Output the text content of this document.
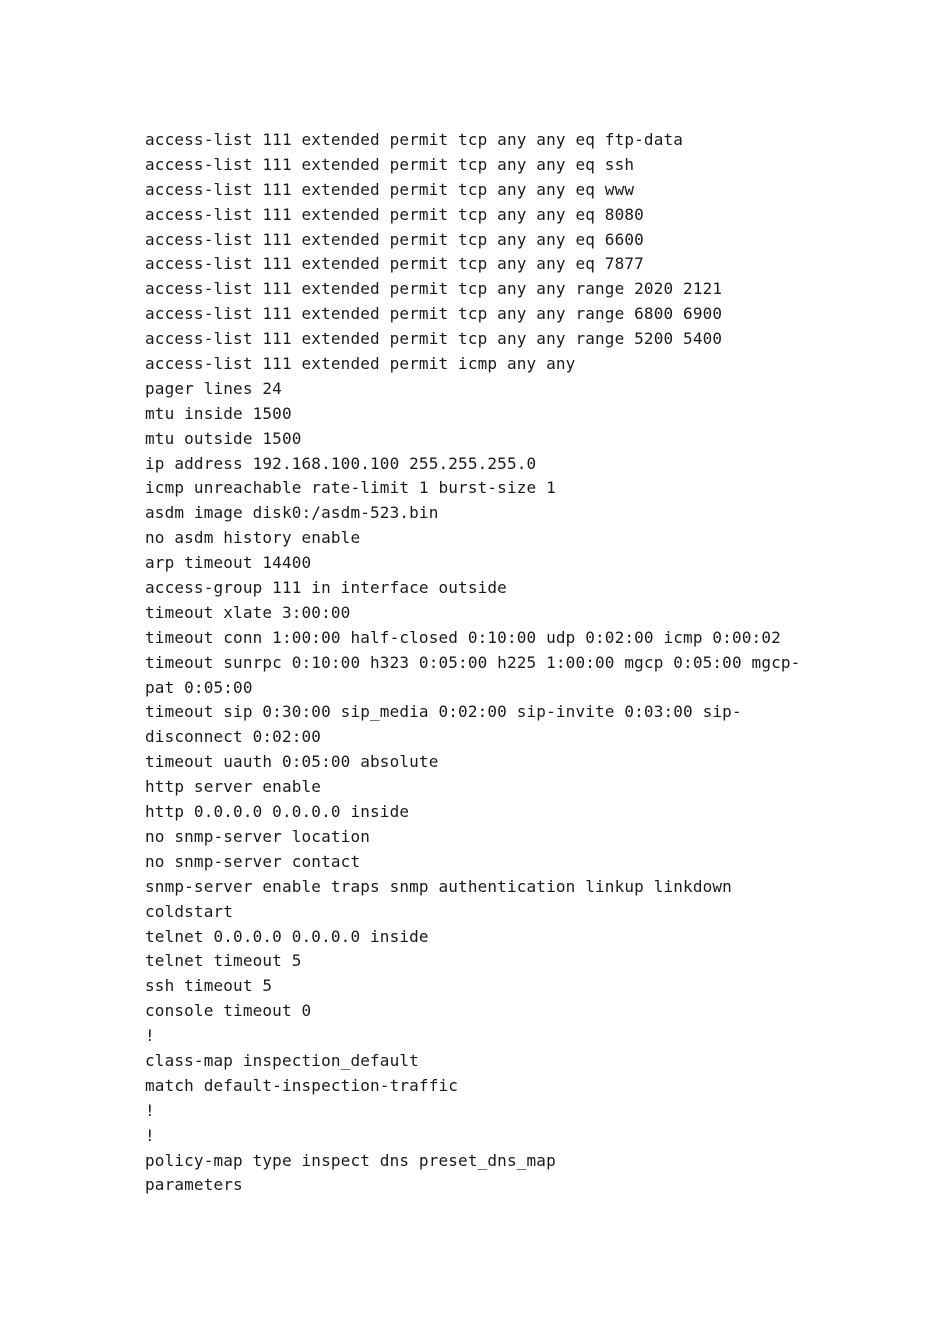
access-list 111 extended permit tcp any any eq ftp-data
access-list 111 extended permit tcp any any eq ssh
access-list 111 extended permit tcp any any eq www
access-list 111 extended permit tcp any any eq 8080
access-list 111 extended permit tcp any any eq 6600
access-list 111 extended permit tcp any any eq 7877
access-list 111 extended permit tcp any any range 2020 2121
access-list 111 extended permit tcp any any range 6800 6900
access-list 111 extended permit tcp any any range 5200 5400
access-list 111 extended permit icmp any any
pager lines 24
mtu inside 1500
mtu outside 1500
ip address 192.168.100.100 255.255.255.0
icmp unreachable rate-limit 1 burst-size 1
asdm image disk0:/asdm-523.bin
no asdm history enable
arp timeout 14400
access-group 111 in interface outside
timeout xlate 3:00:00
timeout conn 1:00:00 half-closed 0:10:00 udp 0:02:00 icmp 0:00:02
timeout sunrpc 0:10:00 h323 0:05:00 h225 1:00:00 mgcp 0:05:00 mgcp-
pat 0:05:00
timeout sip 0:30:00 sip_media 0:02:00 sip-invite 0:03:00 sip-
disconnect 0:02:00
timeout uauth 0:05:00 absolute
http server enable
http 0.0.0.0 0.0.0.0 inside
no snmp-server location
no snmp-server contact
snmp-server enable traps snmp authentication linkup linkdown
coldstart
telnet 0.0.0.0 0.0.0.0 inside
telnet timeout 5
ssh timeout 5
console timeout 0
!
class-map inspection_default
match default-inspection-traffic
!
!
policy-map type inspect dns preset_dns_map
parameters
